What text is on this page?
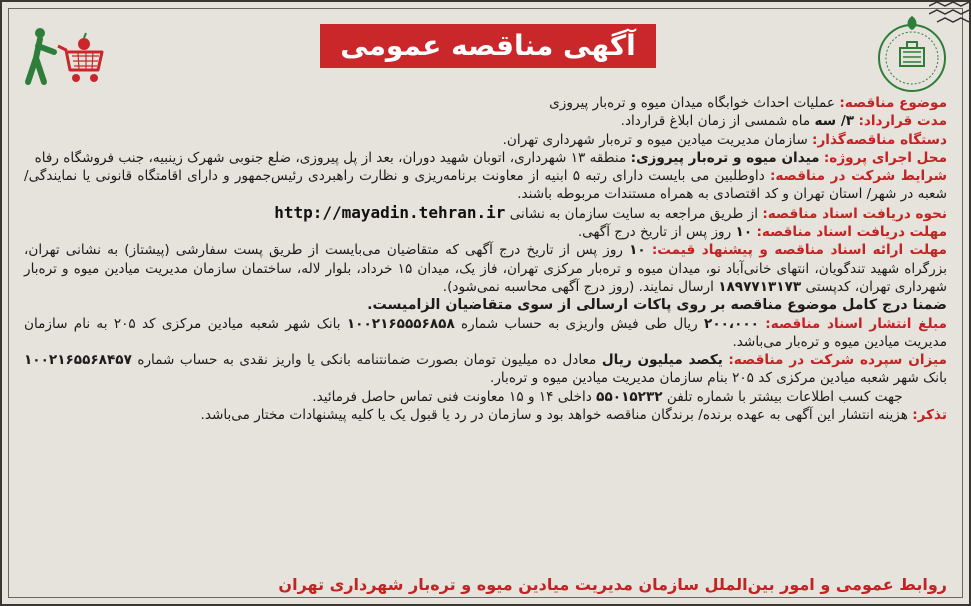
آگهی مناقصه عمومی

موضوع مناقصه: عملیات احداث خوابگاه میدان میوه و تره‌بار پیروزی

مدت قرارداد: ۳/ سه ماه شمسی از زمان ابلاغ قرارداد.

دستگاه مناقصه‌گذار: سازمان مدیریت میادین میوه و تره‌بار شهرداری تهران.

محل اجرای پروژه: میدان میوه و تره‌بار پیروزی: منطقه ۱۳ شهرداری، اتوبان شهید دوران، بعد از پل پیروزی، ضلع جنوبی شهرک زینبیه، جنب فروشگاه رفاه

شرایط شرکت در مناقصه: داوطلبین می بایست دارای رتبه ۵ ابنیه از معاونت برنامه‌ریزی و نظارت راهبردی رئیس‌جمهور و دارای اقامتگاه قانونی یا نمایندگی/ شعبه در شهر/ استان تهران و کد اقتصادی به همراه مستندات مربوطه باشند.

نحوه دریافت اسناد مناقصه: از طریق مراجعه به سایت سازمان به نشانی http://mayadin.tehran.ir

مهلت دریافت اسناد مناقصه: ۱۰ روز پس از تاریخ درج آگهی.

مهلت ارائه اسناد مناقصه و پیشنهاد قیمت: ۱۰ روز پس از تاریخ درج آگهی که متقاضیان می‌بایست از طریق پست سفارشی (پیشتاز) به نشانی تهران، بزرگراه شهید تندگویان، انتهای خانی‌آباد نو، میدان میوه و تره‌بار مرکزی تهران، فاز یک، میدان ۱۵ خرداد، بلوار لاله، ساختمان سازمان مدیریت میادین میوه و تره‌بار شهرداری تهران، کدپستی ۱۸۹۷۷۱۳۱۷۳ ارسال نمایند. (روز درج آگهی محاسبه نمی‌شود).

ضمنا درج کامل موضوع مناقصه بر روی پاکات ارسالی از سوی متقاضیان الزامیست.

مبلغ انتشار اسناد مناقصه: ۲۰۰،۰۰۰ ریال طی فیش واریزی به حساب شماره ۱۰۰۲۱۶۵۵۵۶۸۵۸ بانک شهر شعبه میادین مرکزی کد ۲۰۵ به نام سازمان مدیریت میادین میوه و تره‌بار می‌باشد.

میزان سپرده شرکت در مناقصه: یکصد میلیون ریال معادل ده میلیون تومان بصورت ضمانتنامه بانکی یا واریز نقدی به حساب شماره ۱۰۰۲۱۶۵۵۶۸۴۵۷ بانک شهر شعبه میادین مرکزی کد ۲۰۵ بنام سازمان مدیریت میادین میوه و تره‌بار.

جهت کسب اطلاعات بیشتر با شماره تلفن ۵۵۰۱۵۲۳۲ داخلی ۱۴ و ۱۵ معاونت فنی تماس حاصل فرمائید.

تذکر: هزینه انتشار این آگهی به عهده برنده/ برندگان مناقصه خواهد بود و سازمان در رد یا قبول یک یا کلیه پیشنهادات مختار می‌باشد.

روابط عمومی و امور بین‌الملل سازمان مدیریت میادین میوه و تره‌بار شهرداری تهران
